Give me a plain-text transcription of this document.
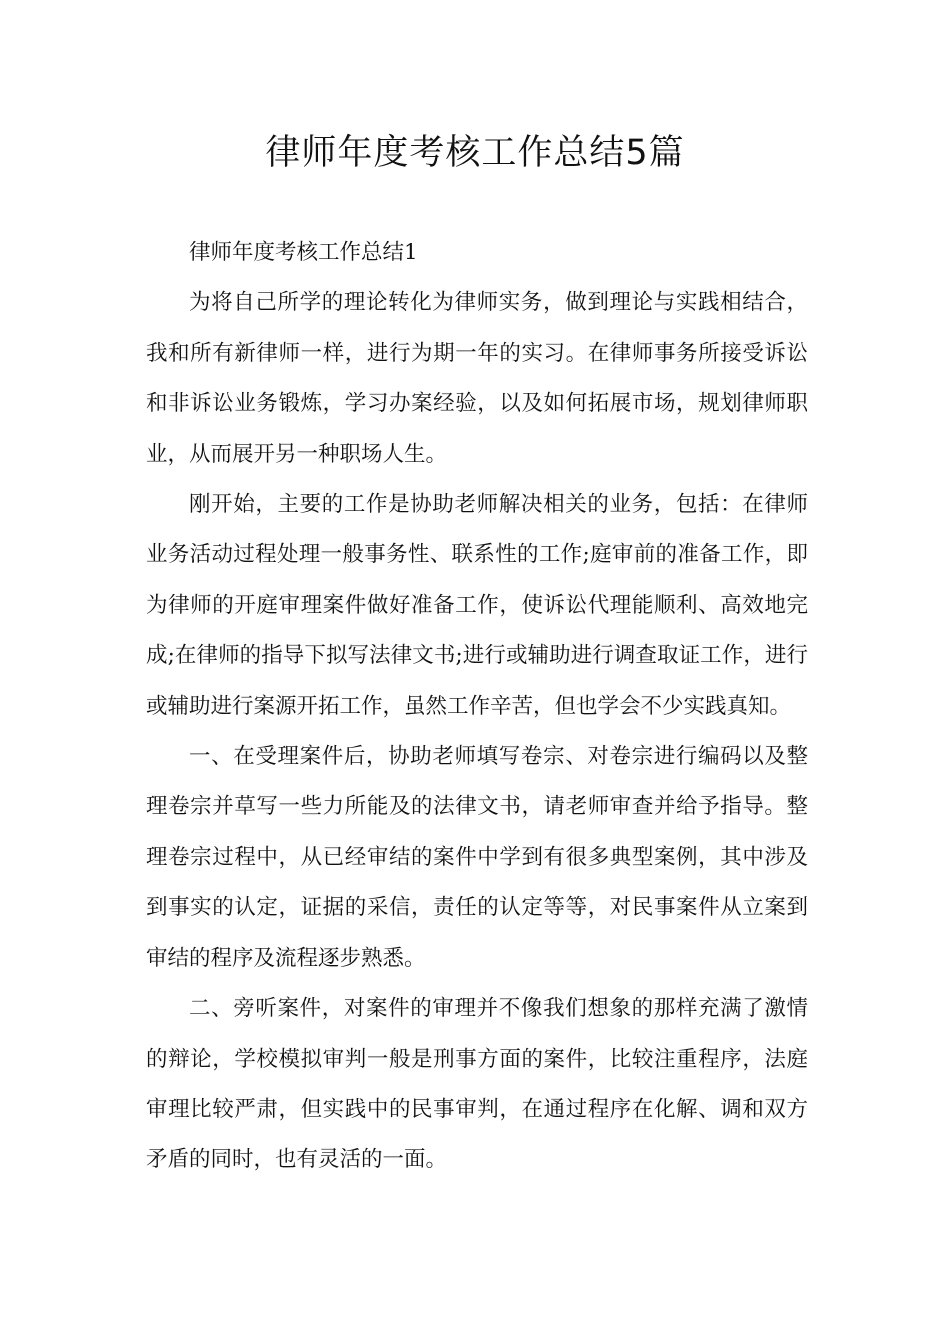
律师年度考核工作总结5篇

律师年度考核工作总结1

为将自己所学的理论转化为律师实务，做到理论与实践相结合，我和所有新律师一样，进行为期一年的实习。在律师事务所接受诉讼和非诉讼业务锻炼，学习办案经验，以及如何拓展市场，规划律师职业，从而展开另一种职场人生。

刚开始，主要的工作是协助老师解决相关的业务，包括：在律师业务活动过程处理一般事务性、联系性的工作;庭审前的准备工作，即为律师的开庭审理案件做好准备工作，使诉讼代理能顺利、高效地完成;在律师的指导下拟写法律文书;进行或辅助进行调查取证工作，进行或辅助进行案源开拓工作，虽然工作辛苦，但也学会不少实践真知。

一、在受理案件后，协助老师填写卷宗、对卷宗进行编码以及整理卷宗并草写一些力所能及的法律文书，请老师审查并给予指导。整理卷宗过程中，从已经审结的案件中学到有很多典型案例，其中涉及到事实的认定，证据的采信，责任的认定等等，对民事案件从立案到审结的程序及流程逐步熟悉。

二、旁听案件，对案件的审理并不像我们想象的那样充满了激情的辩论，学校模拟审判一般是刑事方面的案件，比较注重程序，法庭审理比较严肃，但实践中的民事审判，在通过程序在化解、调和双方矛盾的同时，也有灵活的一面。
